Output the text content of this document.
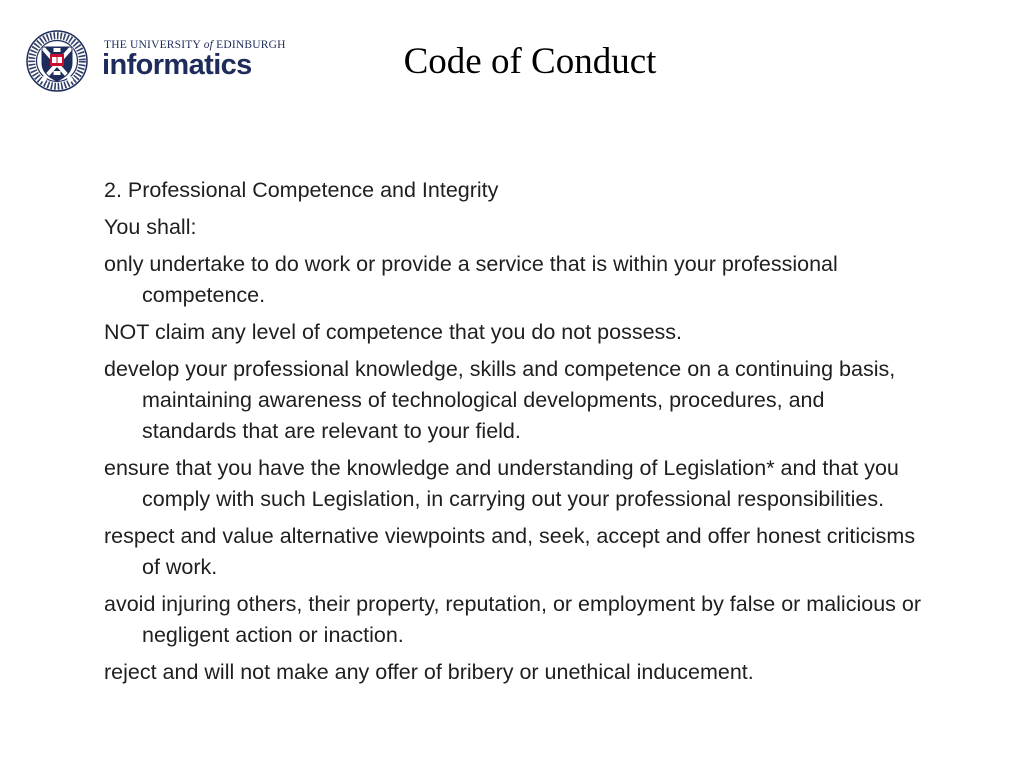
THE UNIVERSITY of EDINBURGH
informatics	Code of Conduct

2. Professional Competence and Integrity

You shall:

only undertake to do work or provide a service that is within your professional competence.

NOT claim any level of competence that you do not possess.

develop your professional knowledge, skills and competence on a continuing basis, maintaining awareness of technological developments, procedures, and standards that are relevant to your field.

ensure that you have the knowledge and understanding of Legislation* and that you comply with such Legislation, in carrying out your professional responsibilities.

respect and value alternative viewpoints and, seek, accept and offer honest criticisms of work.

avoid injuring others, their property, reputation, or employment by false or malicious or negligent action or inaction.

reject and will not make any offer of bribery or unethical inducement.
